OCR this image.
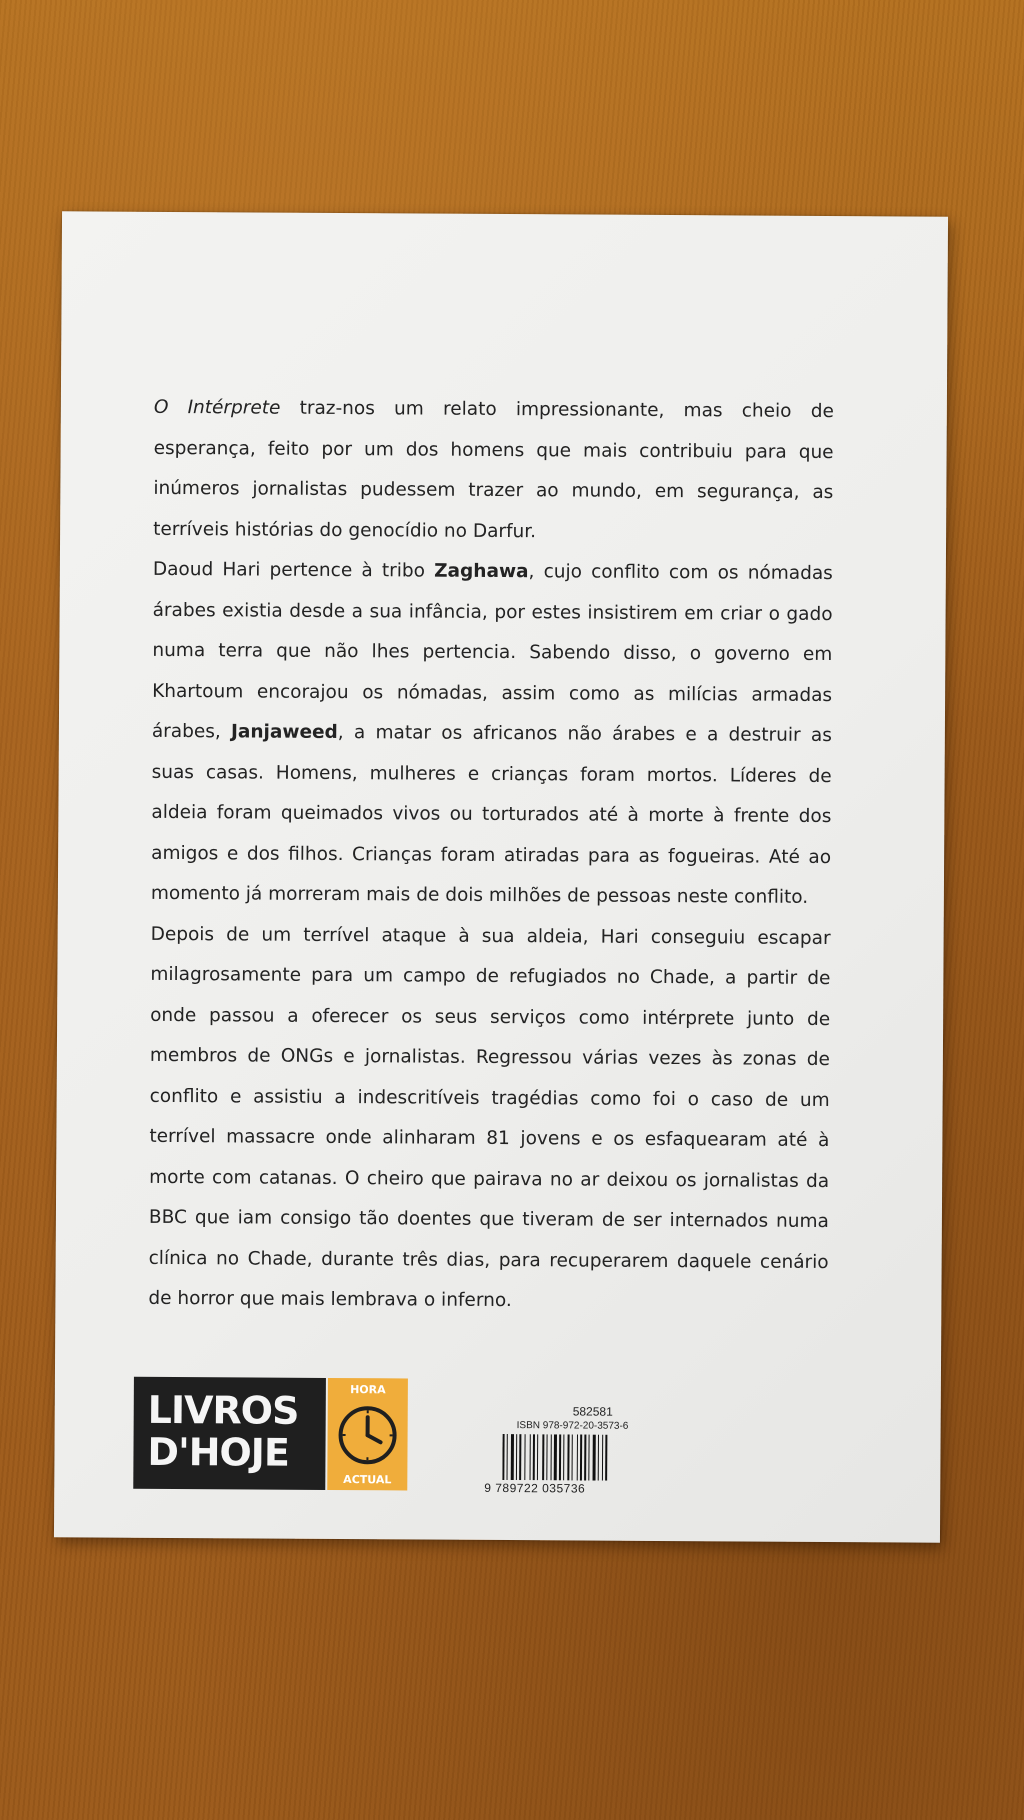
O Intérprete traz-nos um relato impressionante, mas cheio de esperança, feito por um dos homens que mais contribuiu para que inúmeros jornalistas pudessem trazer ao mundo, em segurança, as terríveis histórias do genocídio no Darfur.

Daoud Hari pertence à tribo Zaghawa, cujo conflito com os nómadas árabes existia desde a sua infância, por estes insistirem em criar o gado numa terra que não lhes pertencia. Sabendo disso, o governo em Khartoum encorajou os nómadas, assim como as milícias armadas árabes, Janjaweed, a matar os africanos não árabes e a destruir as suas casas. Homens, mulheres e crianças foram mortos. Líderes de aldeia foram queimados vivos ou torturados até à morte à frente dos amigos e dos filhos. Crianças foram atiradas para as fogueiras. Até ao momento já morreram mais de dois milhões de pessoas neste conflito.

Depois de um terrível ataque à sua aldeia, Hari conseguiu escapar milagrosamente para um campo de refugiados no Chade, a partir de onde passou a oferecer os seus serviços como intérprete junto de membros de ONGs e jornalistas. Regressou várias vezes às zonas de conflito e assistiu a indescritíveis tragédias como foi o caso de um terrível massacre onde alinharam 81 jovens e os esfaquearam até à morte com catanas. O cheiro que pairava no ar deixou os jornalistas da BBC que iam consigo tão doentes que tiveram de ser internados numa clínica no Chade, durante três dias, para recuperarem daquele cenário de horror que mais lembrava o inferno.

LIVROS
D'HOJE
HORA
ACTUAL
582581
ISBN 978-972-20-3573-6
9 789722 035736
